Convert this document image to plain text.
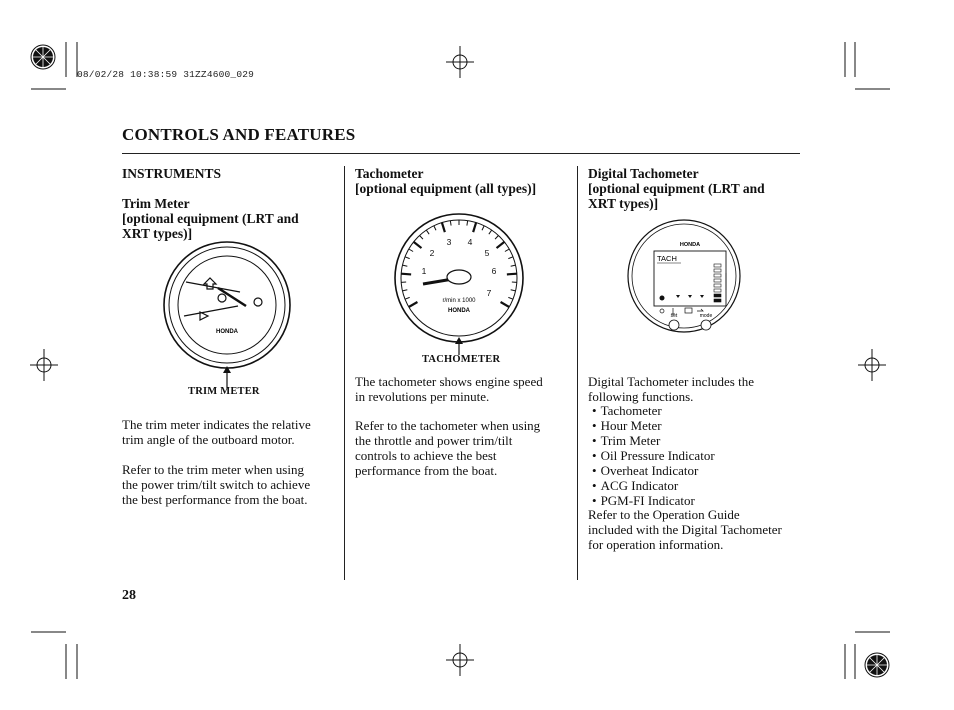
08/02/28 10:38:59 31ZZ4600_029
CONTROLS AND FEATURES
INSTRUMENTS
Trim Meter
[optional equipment (LRT and
XRT types)]
HONDA
TRIM METER
The trim meter indicates the relative
trim angle of the outboard motor.
Refer to the trim meter when using
the power trim/tilt switch to achieve
the best performance from the boat.
Tachometer
[optional equipment (all types)]
1
2
3 4
5
6
7
r/min x 1000
HONDA
TACHOMETER
The tachometer shows engine speed
in revolutions per minute.
Refer to the tachometer when using
the throttle and power trim/tilt
controls to achieve the best
performance from the boat.
Digital Tachometer
[optional equipment (LRT and
XRT types)]
HONDA
TACH
set	mode
Digital Tachometer includes the
following functions.
• Tachometer
• Hour Meter
• Trim Meter
• Oil Pressure Indicator
• Overheat Indicator
• ACG Indicator
• PGM-FI Indicator
Refer to the Operation Guide
included with the Digital Tachometer
for operation information.
28
